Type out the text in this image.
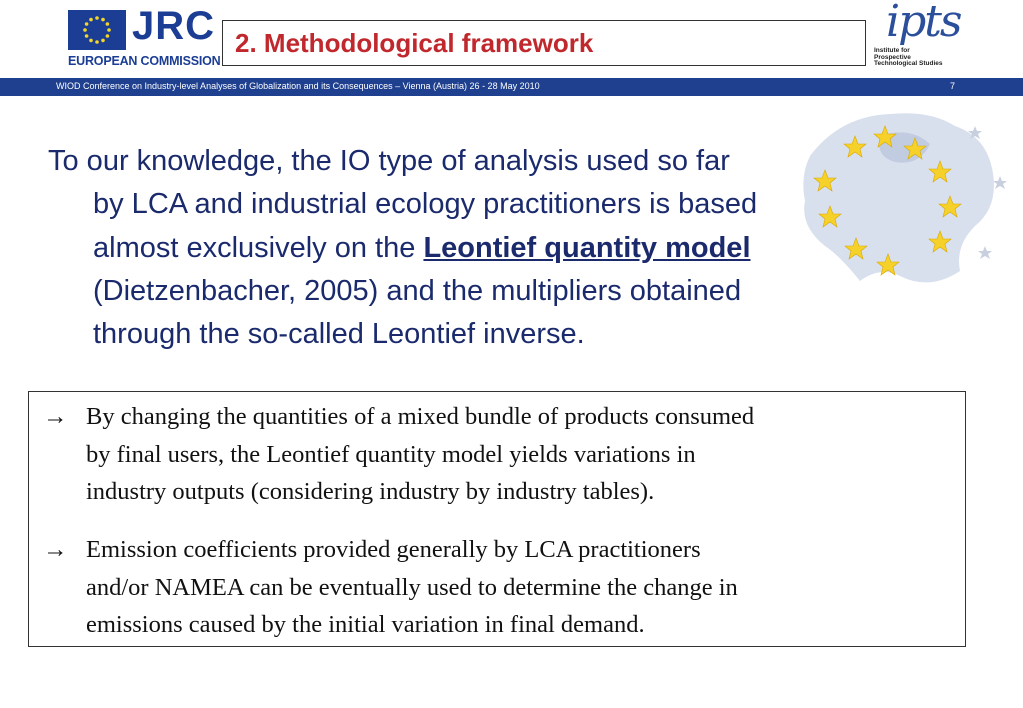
JRC
EUROPEAN COMMISSION
2. Methodological framework	ipts
Institute for
Prospective
Technological Studies
WIOD Conference on Industry-level Analyses of Globalization and its Consequences – Vienna (Austria) 26 - 28 May 2010	7
To our knowledge, the IO type of analysis used so far
by LCA and industrial ecology practitioners is based
almost exclusively on the Leontief quantity model
(Dietzenbacher, 2005) and the multipliers obtained
through the so-called Leontief inverse.
→ By changing the quantities of a mixed bundle of products consumed
by final users, the Leontief quantity model yields variations in
industry outputs (considering industry by industry tables).
→ Emission coefficients provided generally by LCA practitioners
and/or NAMEA can be eventually used to determine the change in
emissions caused by the initial variation in final demand.
